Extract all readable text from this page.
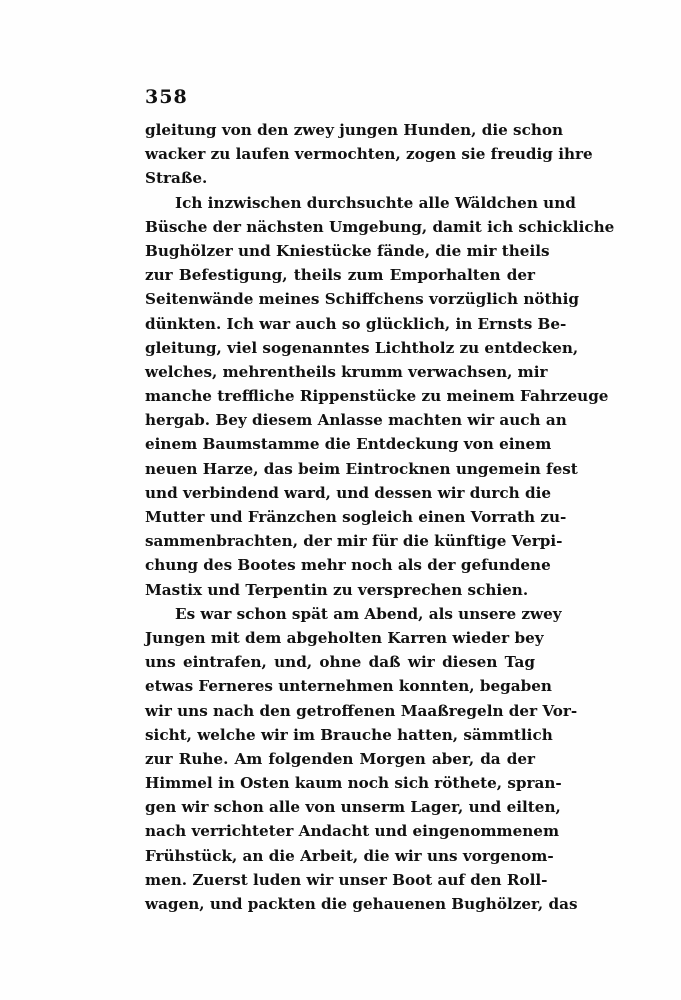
358
gleitung von den zwey jungen Hunden, die schon
wacker zu laufen vermochten, zogen sie freudig ihre
Straße.
Ich inzwischen durchsuchte alle Wäldchen und
Büsche der nächsten Umgebung, damit ich schickliche
Bughölzer und Kniestücke fände, die mir theils
zur Befestigung, theils zum Emporhalten der
Seitenwände meines Schiffchens vorzüglich nöthig
dünkten. Ich war auch so glücklich, in Ernsts Be-
gleitung, viel sogenanntes Lichtholz zu entdecken,
welches, mehrentheils krumm verwachsen, mir
manche treffliche Rippenstücke zu meinem Fahrzeuge
hergab. Bey diesem Anlasse machten wir auch an
einem Baumstamme die Entdeckung von einem
neuen Harze, das beim Eintrocknen ungemein fest
und verbindend ward, und dessen wir durch die
Mutter und Fränzchen sogleich einen Vorrath zu-
sammenbrachten, der mir für die künftige Verpi-
chung des Bootes mehr noch als der gefundene
Mastix und Terpentin zu versprechen schien.
Es war schon spät am Abend, als unsere zwey
Jungen mit dem abgeholten Karren wieder bey
uns eintrafen, und, ohne daß wir diesen Tag
etwas Ferneres unternehmen konnten, begaben
wir uns nach den getroffenen Maaßregeln der Vor-
sicht, welche wir im Brauche hatten, sämmtlich
zur Ruhe. Am folgenden Morgen aber, da der
Himmel in Osten kaum noch sich röthete, spran-
gen wir schon alle von unserm Lager, und eilten,
nach verrichteter Andacht und eingenommenem
Frühstück, an die Arbeit, die wir uns vorgenom-
men. Zuerst luden wir unser Boot auf den Roll-
wagen, und packten die gehauenen Bughölzer, das
